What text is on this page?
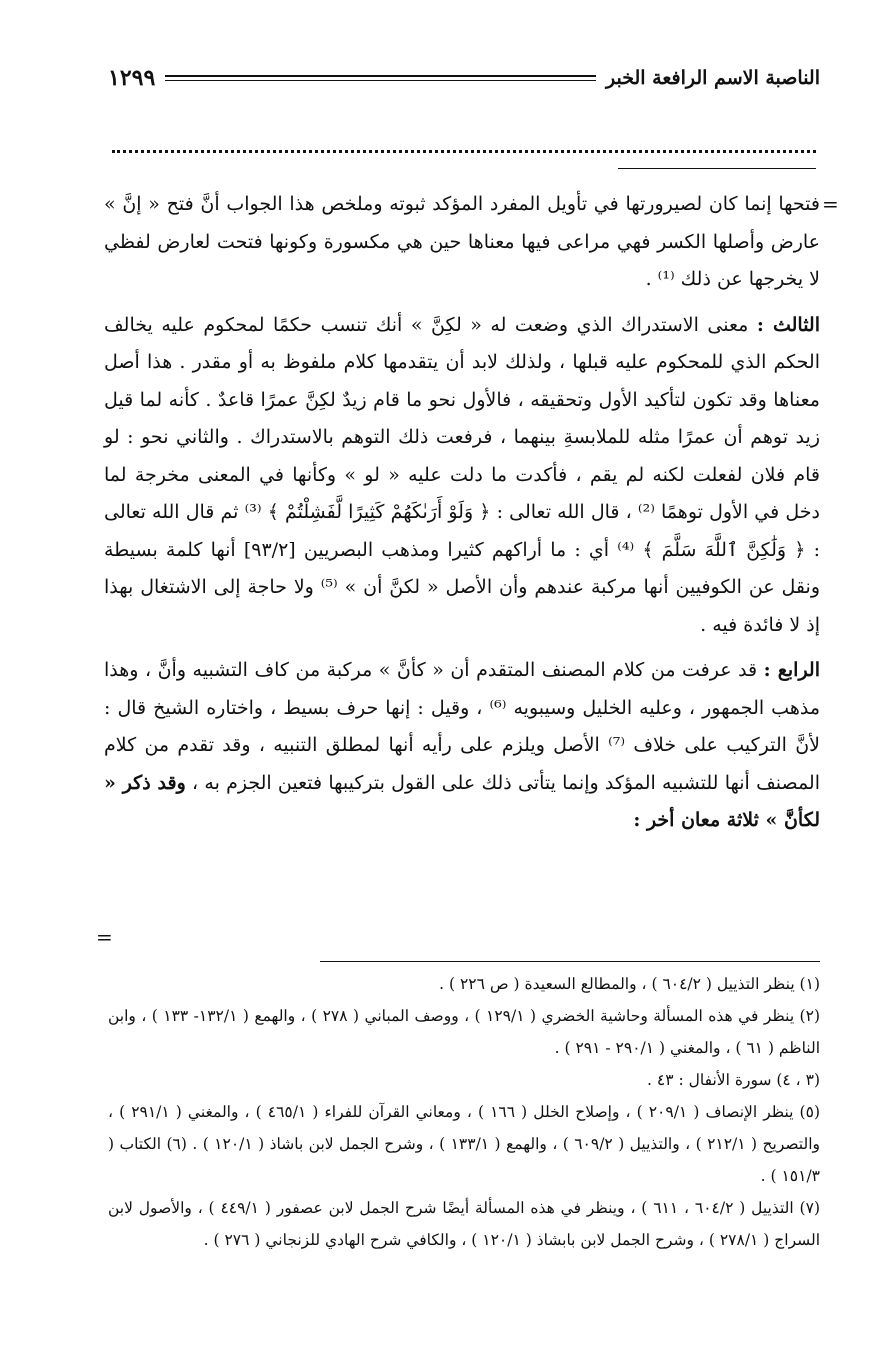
١٢٩٩	الناصبة الاسم الرافعة الخبر
=

فتحها إنما كان لصيرورتها في تأويل المفرد المؤكد ثبوته وملخص هذا الجواب أنَّ فتح « إنَّ » عارض وأصلها الكسر فهي مراعى فيها معناها حين هي مكسورة وكونها فتحت لعارض لفظي لا يخرجها عن ذلك ⁽¹⁾ .

الثالث : معنى الاستدراك الذي وضعت له « لكِنَّ » أنك تنسب حكمًا لمحكوم عليه يخالف الحكم الذي للمحكوم عليه قبلها ، ولذلك لابد أن يتقدمها كلام ملفوظ به أو مقدر . هذا أصل معناها وقد تكون لتأكيد الأول وتحقيقه ، فالأول نحو ما قام زيدٌ لكِنَّ عمرًا قاعدٌ . كأنه لما قيل زيد توهم أن عمرًا مثله للملابسةِ بينهما ، فرفعت ذلك التوهم بالاستدراك . والثاني نحو : لو قام فلان لفعلت لكنه لم يقم ، فأكدت ما دلت عليه « لو » وكأنها في المعنى مخرجة لما دخل في الأول توهمًا ⁽²⁾ ، قال الله تعالى : ﴿ وَلَوْ أَرَىٰكَهُمْ كَثِيرًا لَّفَشِلْتُمْ ﴾ ⁽³⁾ ثم قال الله تعالى : ﴿ وَلَٰكِنَّ ٱللَّهَ سَلَّمَ ﴾ ⁽⁴⁾ أي : ما أراكهم كثيرا ومذهب البصريين [٩٣/٢] أنها كلمة بسيطة ونقل عن الكوفيين أنها مركبة عندهم وأن الأصل « لكنَّ أن » ⁽⁵⁾ ولا حاجة إلى الاشتغال بهذا إذ لا فائدة فيه .

الرابع : قد عرفت من كلام المصنف المتقدم أن « كأنَّ » مركبة من كاف التشبيه وأنَّ ، وهذا مذهب الجمهور ، وعليه الخليل وسيبويه ⁽⁶⁾ ، وقيل : إنها حرف بسيط ، واختاره الشيخ قال : لأنَّ التركيب على خلاف ⁽⁷⁾ الأصل ويلزم على رأيه أنها لمطلق التنبيه ، وقد تقدم من كلام المصنف أنها للتشبيه المؤكد وإنما يتأتى ذلك على القول بتركيبها فتعين الجزم به ، وقد ذكر « لكأنَّ » ثلاثة معان أخر :

=

(١) ينظر التذييل ( ٦٠٤/٢ ) ، والمطالع السعيدة ( ص ٢٢٦ ) .

(٢) ينظر في هذه المسألة وحاشية الخضري ( ١٢٩/١ ) ، ووصف المباني ( ٢٧٨ ) ، والهمع ( ١٣٢/١- ١٣٣ ) ، وابن الناظم ( ٦١ ) ، والمغني ( ٢٩٠/١ - ٢٩١ ) .

(٣ ، ٤) سورة الأنفال : ٤٣ .

(٥) ينظر الإنصاف ( ٢٠٩/١ ) ، وإصلاح الخلل ( ١٦٦ ) ، ومعاني القرآن للفراء ( ٤٦٥/١ ) ، والمغني ( ٢٩١/١ ) ، والتصريح ( ٢١٢/١ ) ، والتذييل ( ٦٠٩/٢ ) ، والهمع ( ١٣٣/١ ) ، وشرح الجمل لابن باشاذ ( ١٢٠/١ ) . (٦) الكتاب ( ١٥١/٣ ) .

(٧) التذييل ( ٦٠٤/٢ ، ٦١١ ) ، وينظر في هذه المسألة أيضًا شرح الجمل لابن عصفور ( ٤٤٩/١ ) ، والأصول لابن السراج ( ٢٧٨/١ ) ، وشرح الجمل لابن بابشاذ ( ١٢٠/١ ) ، والكافي شرح الهادي للزنجاني ( ٢٧٦ ) .
